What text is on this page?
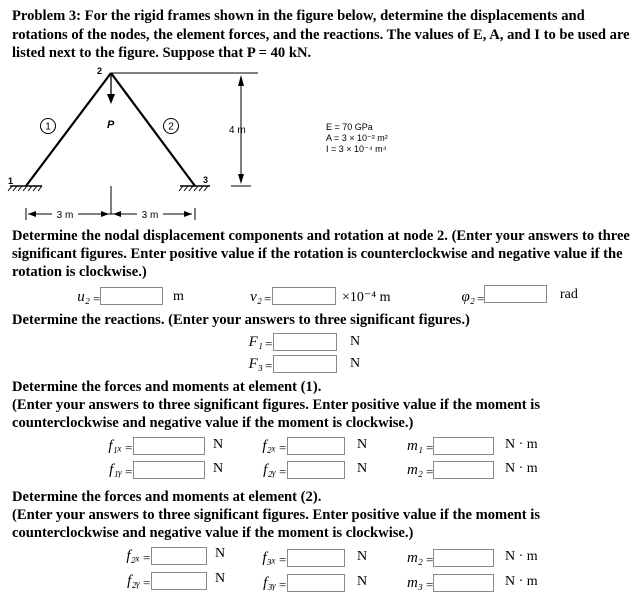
Problem 3: For the rigid frames shown in the figure below, determine the displacements and rotations of the nodes, the element forces, and the reactions. The values of E, A, and I to be used are listed next to the figure. Suppose that P = 40 kN.
1	2
2
1	3
P	4 m
3 m	3 m
E = 70 GPa
A = 3 × 10⁻² m²
I = 3 × 10⁻⁴ m⁴
Determine the nodal displacement components and rotation at node 2. (Enter your answers to three significant figures. Enter positive value if the rotation is counterclockwise and negative value if the rotation is clockwise.)
u₂ =	m	v₂ =	×10⁻⁴ m	φ₂ =	rad
Determine the reactions. (Enter your answers to three significant figures.)
F₁ =	N
F₃ =	N
Determine the forces and moments at element (1).
(Enter your answers to three significant figures. Enter positive value if the moment is counterclockwise and negative value if the moment is clockwise.)
f₁ₓ =	N	f₂ₓ =	N	m₁ =	N · m
f₁ᵧ =	N	f₂ᵧ =	N	m₂ =	N · m
Determine the forces and moments at element (2).
(Enter your answers to three significant figures. Enter positive value if the moment is counterclockwise and negative value if the moment is clockwise.)
f₂ₓ =	N	f₃ₓ =	N	m₂ =	N · m
f₂ᵧ =	N	f₃ᵧ =	N	m₃ =	N · m
